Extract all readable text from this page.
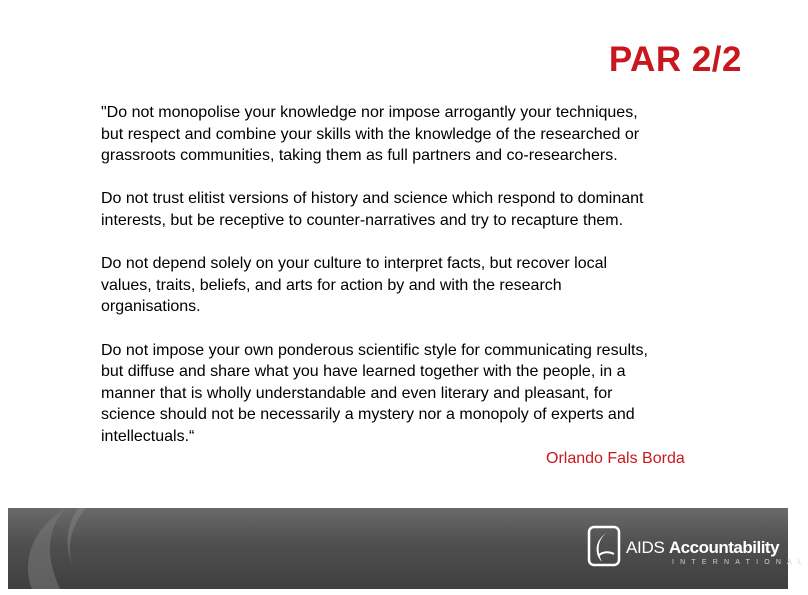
PAR 2/2

"Do not monopolise your knowledge nor impose arrogantly your techniques,
but respect and combine your skills with the knowledge of the researched or
grassroots communities, taking them as full partners and co-researchers.

Do not trust elitist versions of history and science which respond to dominant
interests, but be receptive to counter-narratives and try to recapture them.

Do not depend solely on your culture to interpret facts, but recover local
values, traits, beliefs, and arts for action by and with the research
organisations.

Do not impose your own ponderous scientific style for communicating results,
but diffuse and share what you have learned together with the people, in a
manner that is wholly understandable and even literary and pleasant, for
science should not be necessarily a mystery nor a monopoly of experts and
intellectuals.“

Orlando Fals Borda
AIDS Accountability
INTERNATIONAL
